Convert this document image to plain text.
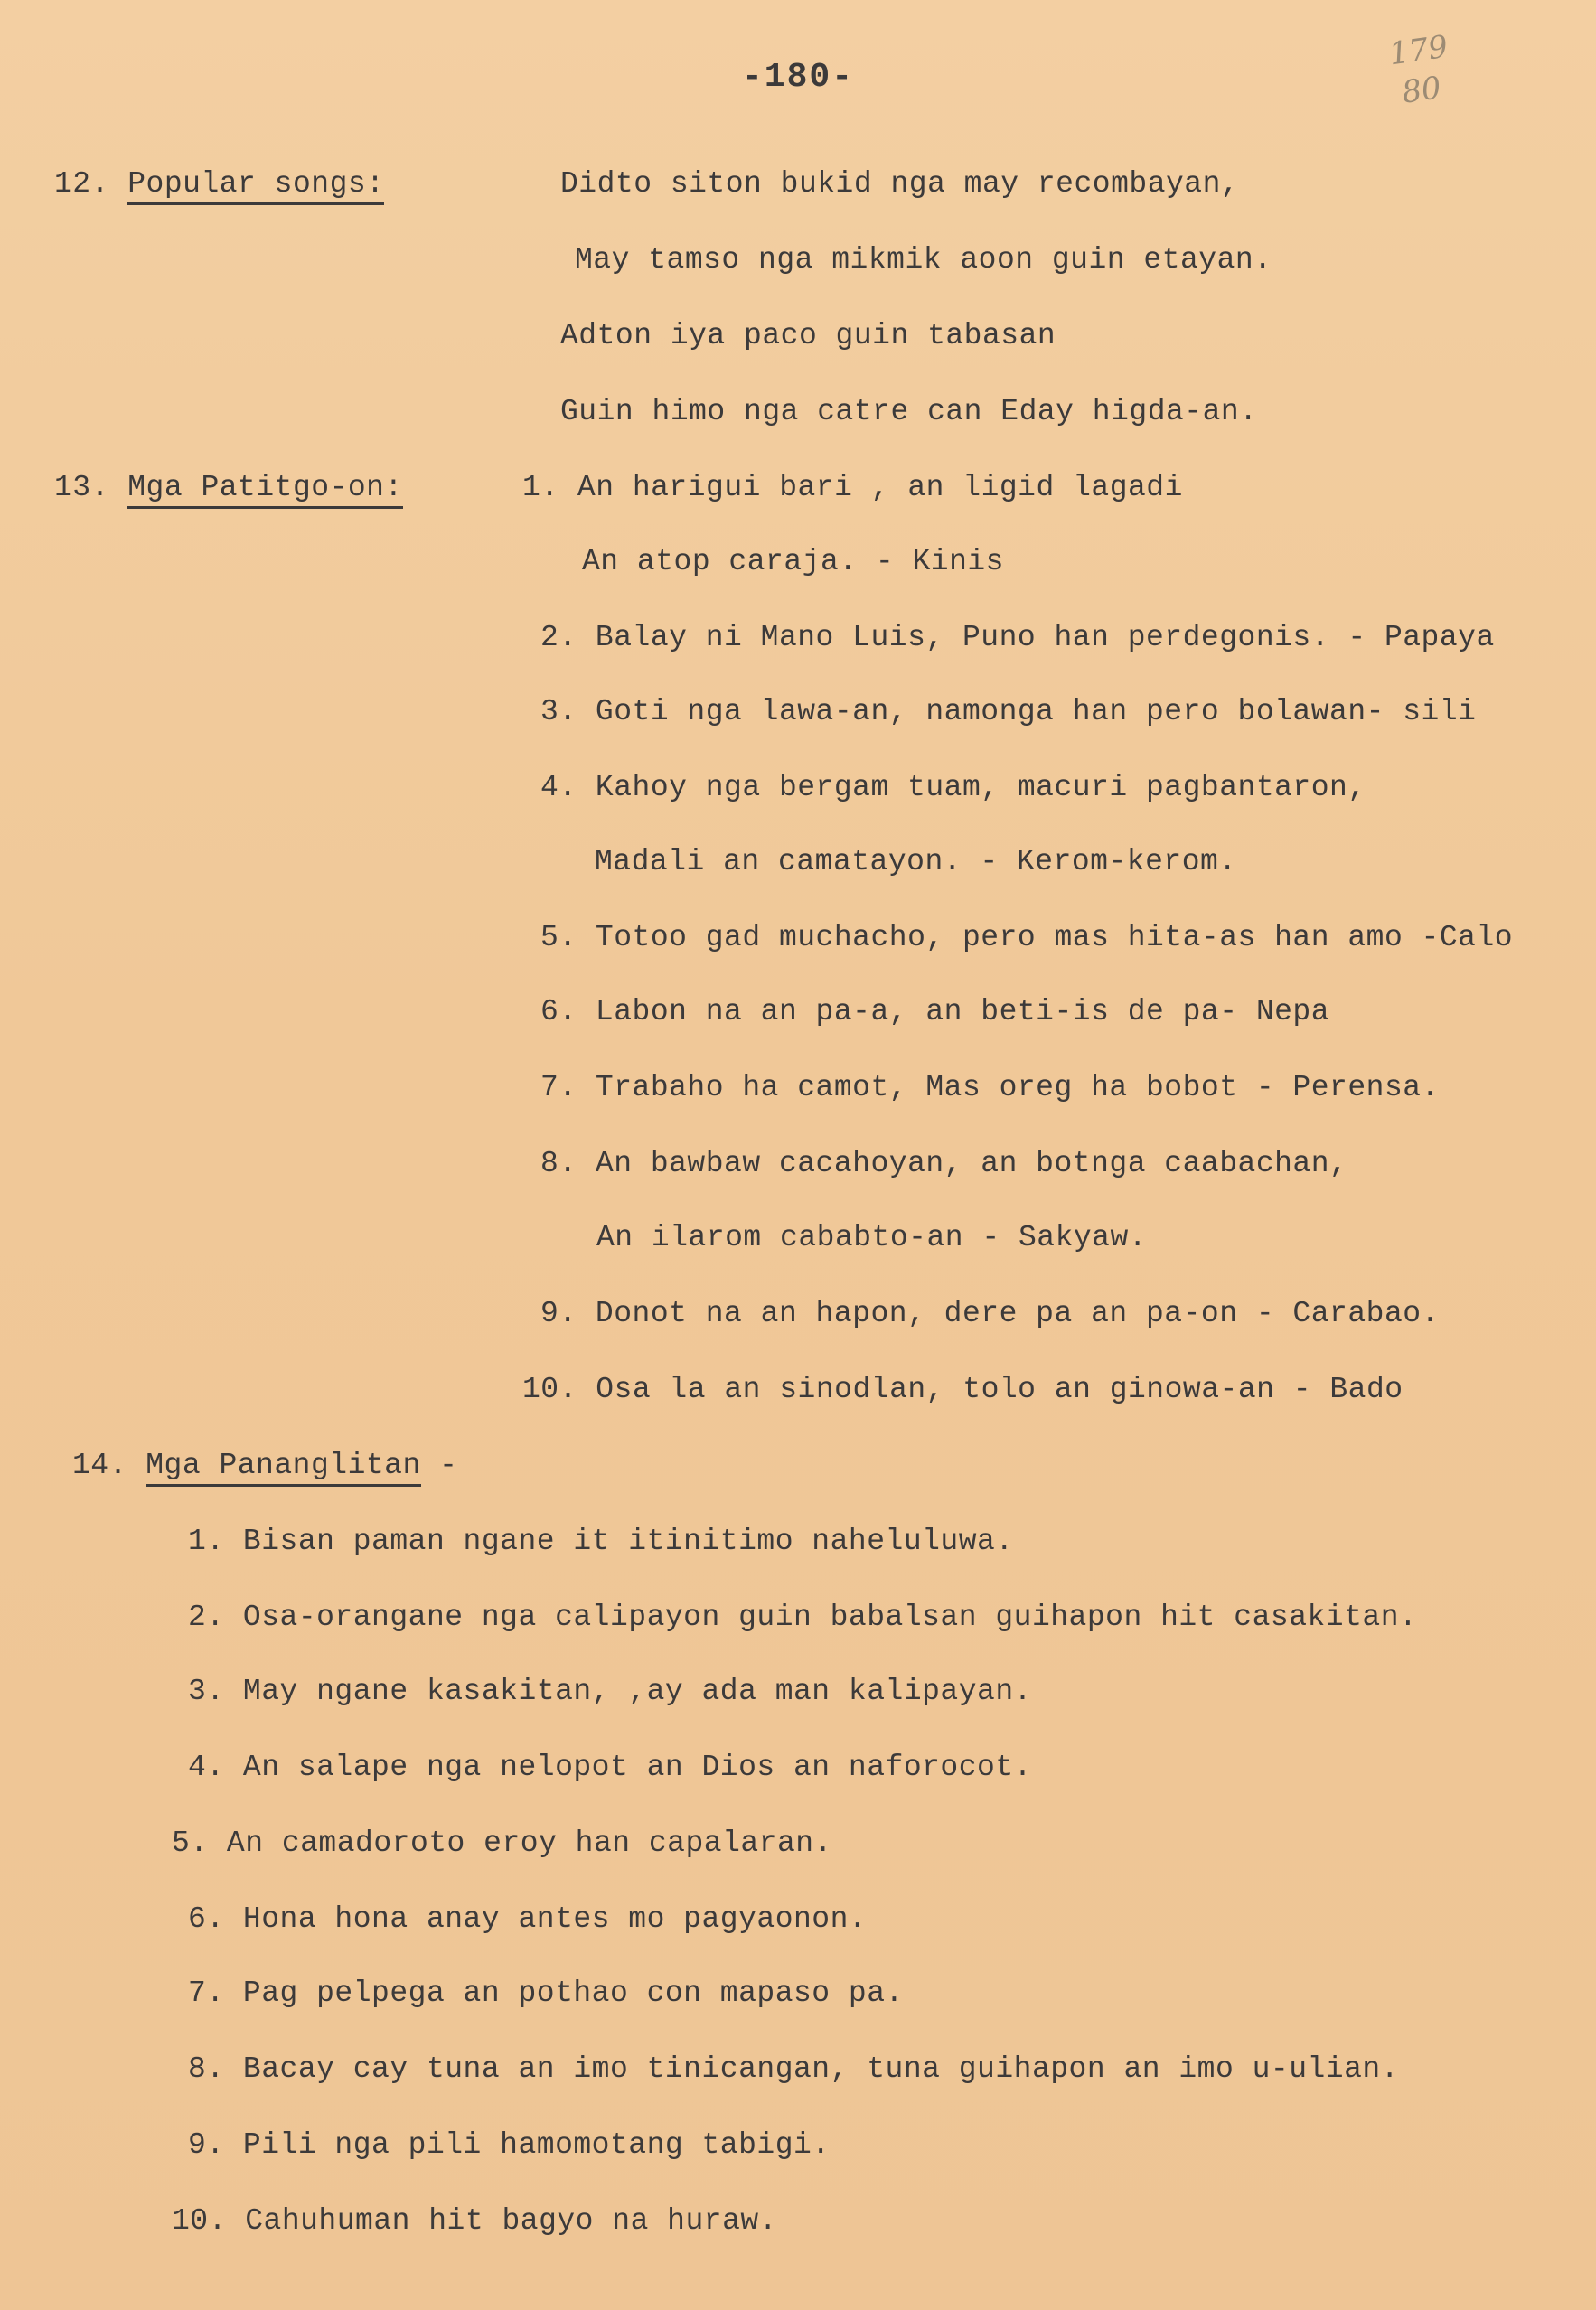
-180-
179
80
12. Popular songs:	Didto siton bukid nga may recombayan,
May tamso nga mikmik aoon guin etayan.
Adton iya paco guin tabasan
Guin himo nga catre can Eday higda-an.
13. Mga Patitgo-on:	1. An harigui bari , an ligid lagadi
An atop caraja. - Kinis
2. Balay ni Mano Luis, Puno han perdegonis. - Papaya
3. Goti nga lawa-an, namonga han pero bolawan- sili
4. Kahoy nga bergam tuam, macuri pagbantaron,
Madali an camatayon. - Kerom-kerom.
5. Totoo gad muchacho, pero mas hita-as han amo -Calo
6. Labon na an pa-a, an beti-is de pa- Nepa
7. Trabaho ha camot, Mas oreg ha bobot - Perensa.
8. An bawbaw cacahoyan, an botnga caabachan,
An ilarom cababto-an - Sakyaw.
9. Donot na an hapon, dere pa an pa-on - Carabao.
10. Osa la an sinodlan, tolo an ginowa-an - Bado
14. Mga Pananglitan -
1. Bisan paman ngane it itinitimo naheluluwa.
2. Osa-orangane nga calipayon guin babalsan guihapon hit casakitan.
3. May ngane kasakitan, ,ay ada man kalipayan.
4. An salape nga nelopot an Dios an naforocot.
5. An camadoroto eroy han capalaran.
6. Hona hona anay antes mo pagyaonon.
7. Pag pelpega an pothao con mapaso pa.
8. Bacay cay tuna an imo tinicangan, tuna guihapon an imo u-ulian.
9. Pili nga pili hamomotang tabigi.
10. Cahuhuman hit bagyo na huraw.
